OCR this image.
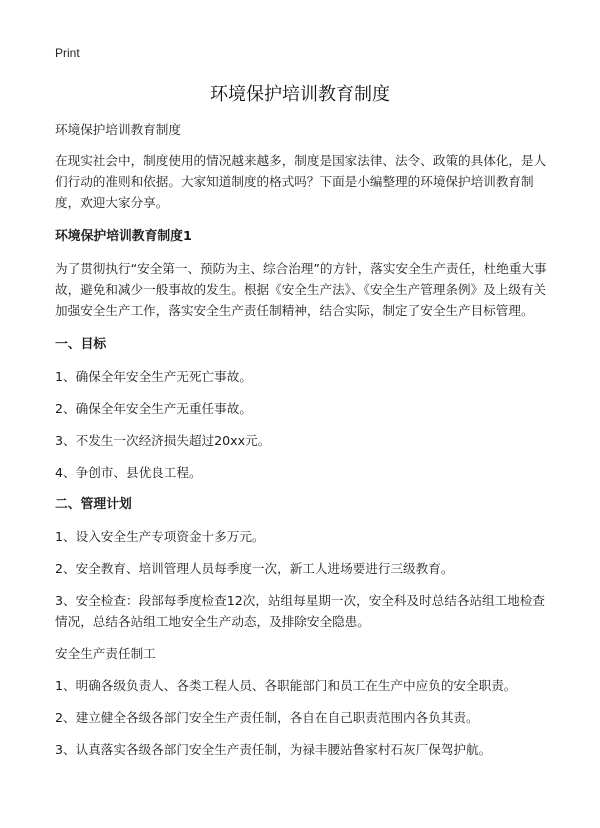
Print
环境保护培训教育制度

环境保护培训教育制度

在现实社会中，制度使用的情况越来越多，制度是国家法律、法令、政策的具体化，是人们行动的准则和依据。大家知道制度的格式吗？下面是小编整理的环境保护培训教育制度，欢迎大家分享。

环境保护培训教育制度1

为了贯彻执行“安全第一、预防为主、综合治理”的方针，落实安全生产责任，杜绝重大事故，避免和减少一般事故的发生。根据《安全生产法》、《安全生产管理条例》及上级有关加强安全生产工作，落实安全生产责任制精神，结合实际，制定了安全生产目标管理。

一、目标

1、确保全年安全生产无死亡事故。

2、确保全年安全生产无重任事故。

3、不发生一次经济损失超过20xx元。

4、争创市、县优良工程。

二、管理计划

1、设入安全生产专项资金十多万元。

2、安全教育、培训管理人员每季度一次，新工人进场要进行三级教育。

3、安全检查：段部每季度检查12次，站组每星期一次，安全科及时总结各站组工地检查情况，总结各站组工地安全生产动态，及排除安全隐患。

安全生产责任制工

1、明确各级负责人、各类工程人员、各职能部门和员工在生产中应负的安全职责。

2、建立健全各级各部门安全生产责任制，各自在自己职责范围内各负其责。

3、认真落实各级各部门安全生产责任制，为禄丰腰站鲁家村石灰厂保驾护航。
